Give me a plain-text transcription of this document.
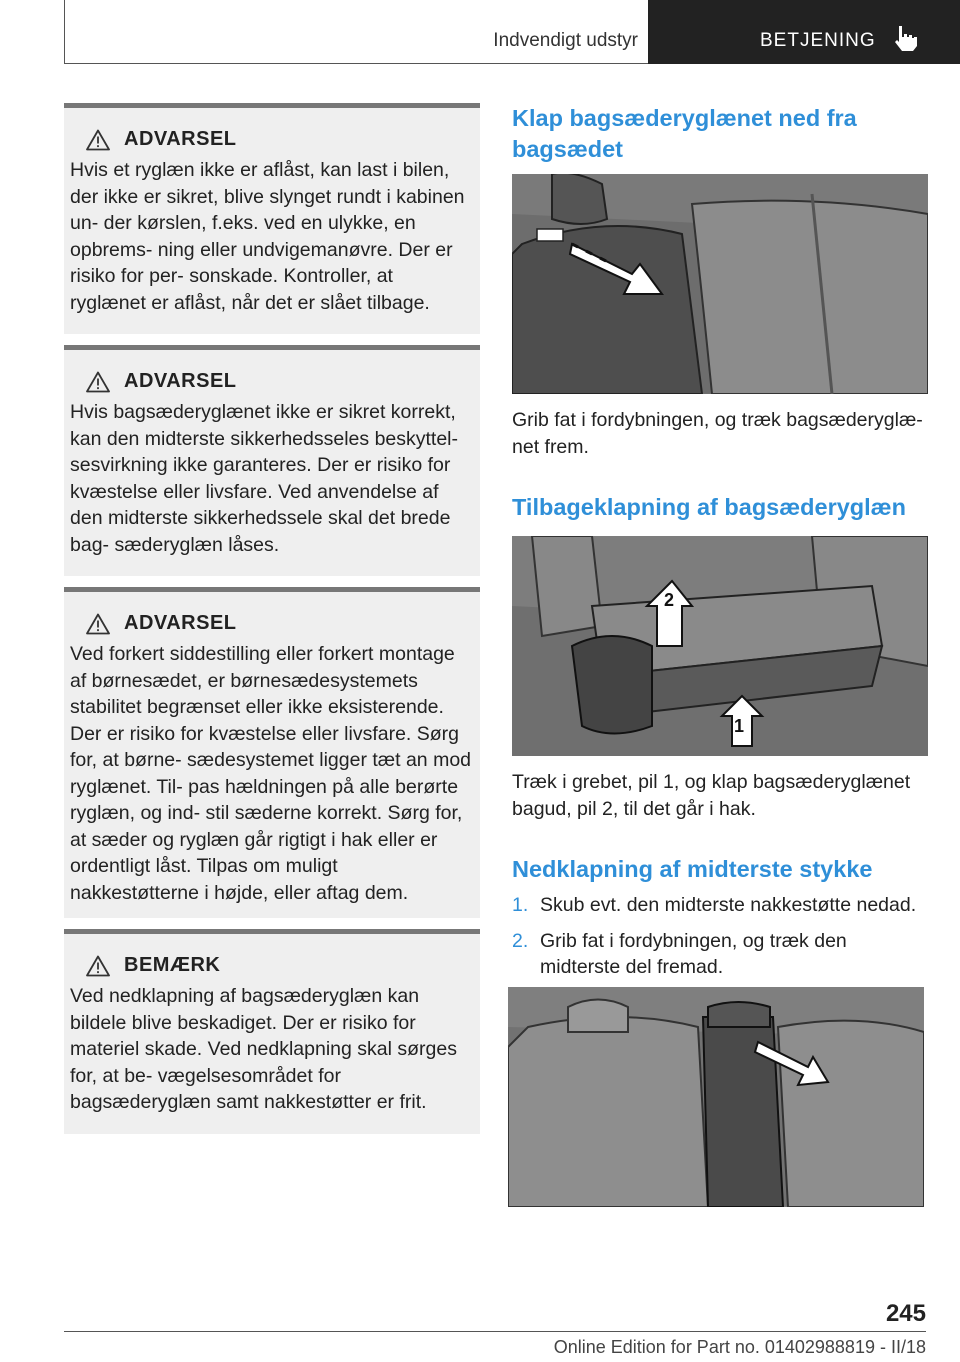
Indvendigt udstyr	BETJENING
ADVARSEL

Hvis et ryglæn ikke er aflåst, kan last i bilen, der ikke er sikret, blive slynget rundt i kabinen un- der kørslen, f.eks. ved en ulykke, en opbrems- ning eller undvigemanøvre. Der er risiko for per- sonskade. Kontroller, at ryglænet er aflåst, når det er slået tilbage.

ADVARSEL

Hvis bagsæderyglænet ikke er sikret korrekt, kan den midterste sikkerhedsseles beskyttel- sesvirkning ikke garanteres. Der er risiko for kvæstelse eller livsfare. Ved anvendelse af den midterste sikkerhedssele skal det brede bag- sæderyglæn låses.

ADVARSEL

Ved forkert siddestilling eller forkert montage af børnesædet, er børnesædesystemets stabilitet begrænset eller ikke eksisterende. Der er risiko for kvæstelse eller livsfare. Sørg for, at børne- sædesystemet ligger tæt an mod ryglænet. Til- pas hældningen på alle berørte ryglæn, og ind- stil sæderne korrekt. Sørg for, at sæder og ryglæn går rigtigt i hak eller er ordentligt låst. Tilpas om muligt nakkestøtterne i højde, eller aftag dem.

BEMÆRK

Ved nedklapning af bagsæderyglæn kan bildele blive beskadiget. Der er risiko for materiel skade. Ved nedklapning skal sørges for, at be- vægelsesområdet for bagsæderyglæn samt nakkestøtter er frit.

Klap bagsæderyglænet ned fra bagsædet

Grib fat i fordybningen, og træk bagsæderyglæ- net frem.

Tilbageklapning af bagsæderyglæn
1
2

Træk i grebet, pil 1, og klap bagsæderyglænet bagud, pil 2, til det går i hak.

Nedklapning af midterste stykke
1. Skub evt. den midterste nakkestøtte nedad.
2. Grib fat i fordybningen, og træk den midterste del fremad.
245
Online Edition for Part no. 01402988819 - II/18
